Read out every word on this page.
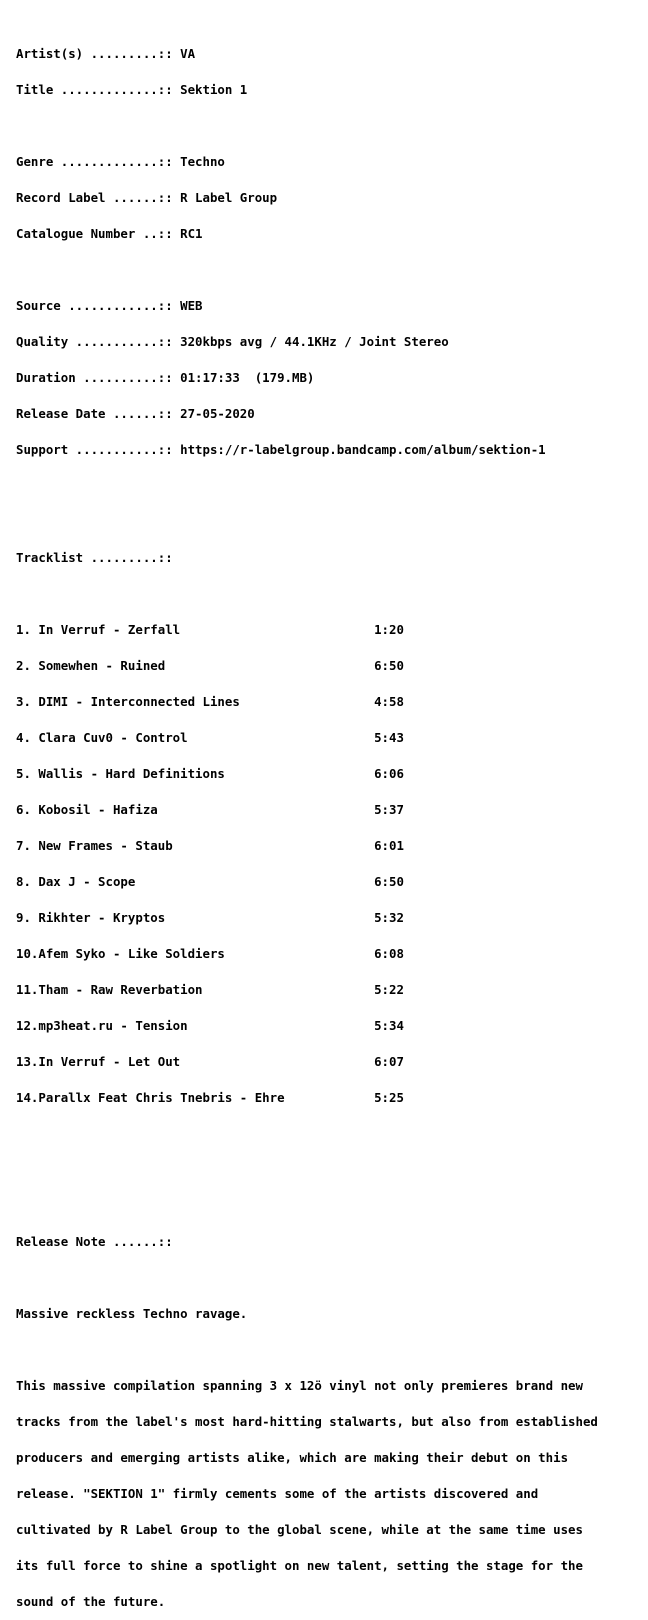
Artist(s) .........:: VA

Title .............:: Sektion 1

Genre .............:: Techno

Record Label ......:: R Label Group

Catalogue Number ..:: RC1

Source ............:: WEB

Quality ...........:: 320kbps avg / 44.1KHz / Joint Stereo

Duration ..........:: 01:17:33  (179.MB)

Release Date ......:: 27-05-2020

Support ...........:: https://r-labelgroup.bandcamp.com/album/sektion-1

Tracklist .........::

1. In Verruf - Zerfall                          1:20

2. Somewhen - Ruined                            6:50

3. DIMI - Interconnected Lines                  4:58

4. Clara Cuv0 - Control                         5:43

5. Wallis - Hard Definitions                    6:06

6. Kobosil - Hafiza                             5:37

7. New Frames - Staub                           6:01

8. Dax J - Scope                                6:50

9. Rikhter - Kryptos                            5:32

10.Afem Syko - Like Soldiers                    6:08

11.Tham - Raw Reverbation                       5:22

12.mp3heat.ru - Tension                         5:34

13.In Verruf - Let Out                          6:07

14.Parallx Feat Chris Tnebris - Ehre            5:25

Release Note ......::

Massive reckless Techno ravage.

This massive compilation spanning 3 x 12ö vinyl not only premieres brand new

tracks from the label's most hard-hitting stalwarts, but also from established

producers and emerging artists alike, which are making their debut on this

release. "SEKTION 1" firmly cements some of the artists discovered and

cultivated by R Label Group to the global scene, while at the same time uses

its full force to shine a spotlight on new talent, setting the stage for the

sound of the future.
